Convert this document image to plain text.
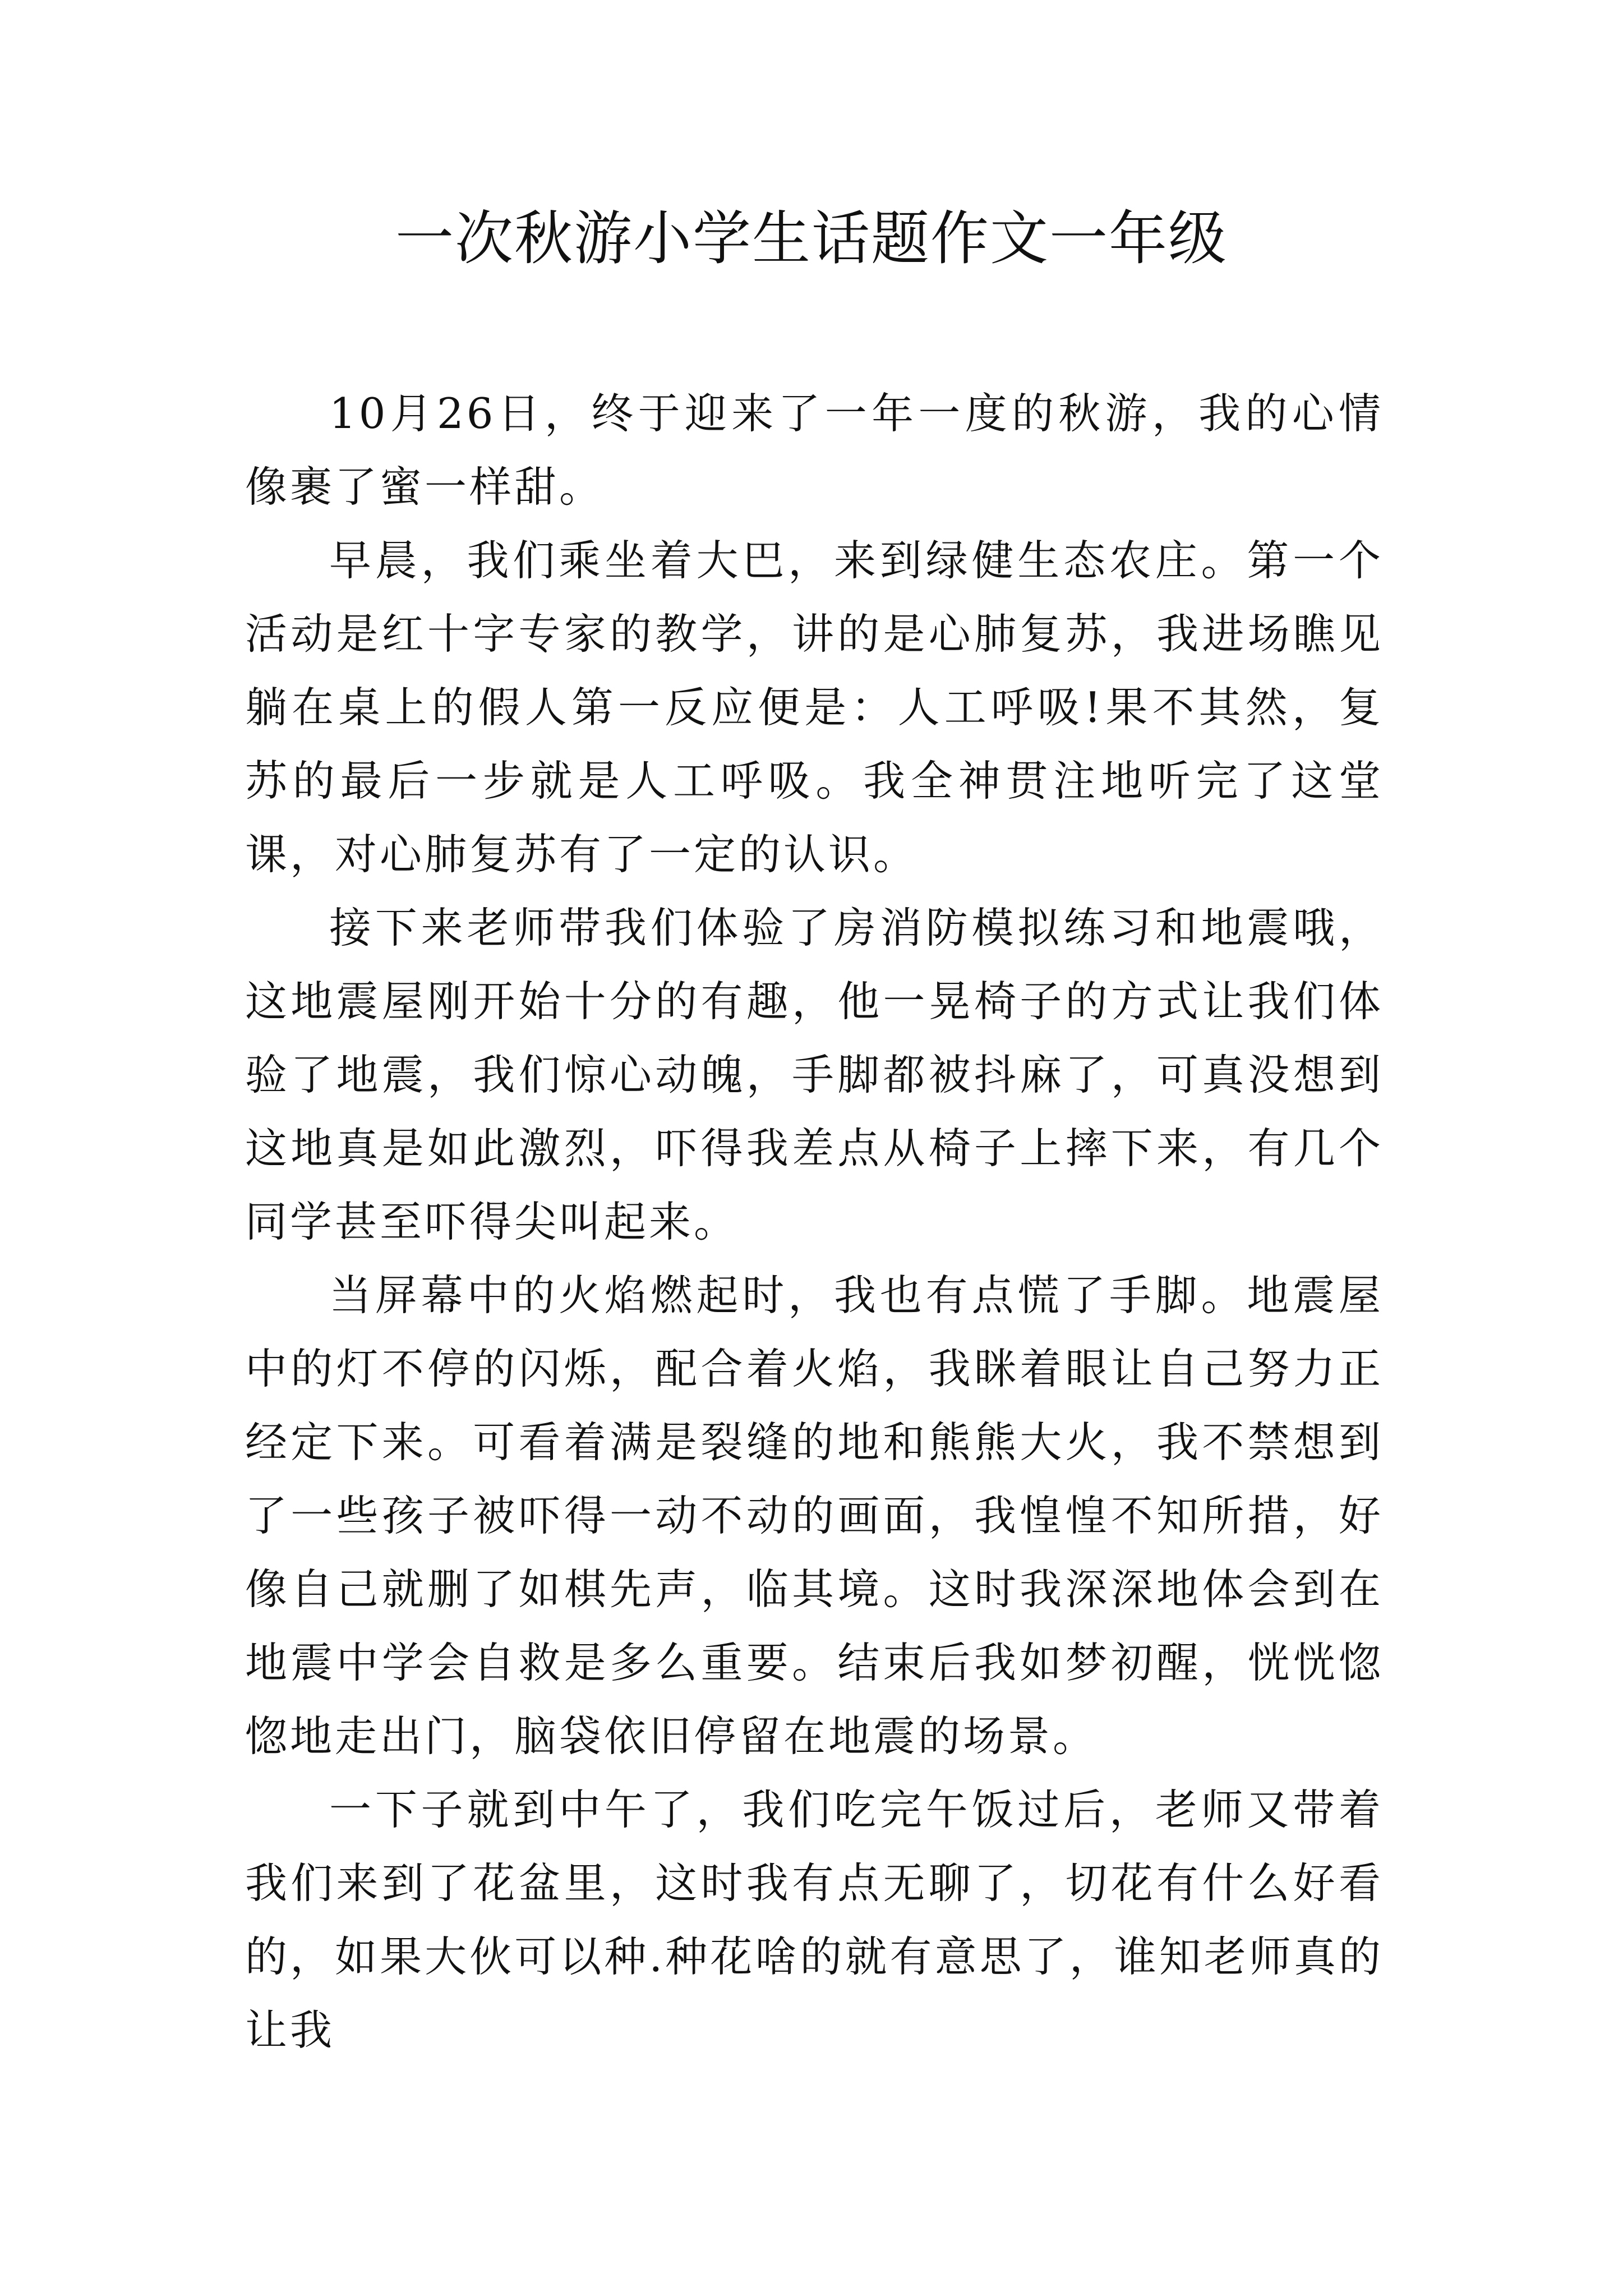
一次秋游小学生话题作文一年级

10月26日，终于迎来了一年一度的秋游，我的心情像裹了蜜一样甜。

早晨，我们乘坐着大巴，来到绿健生态农庄。第一个活动是红十字专家的教学，讲的是心肺复苏，我进场瞧见躺在桌上的假人第一反应便是：人工呼吸!果不其然，复苏的最后一步就是人工呼吸。我全神贯注地听完了这堂课，对心肺复苏有了一定的认识。

接下来老师带我们体验了房消防模拟练习和地震哦，这地震屋刚开始十分的有趣，他一晃椅子的方式让我们体验了地震，我们惊心动魄，手脚都被抖麻了，可真没想到这地真是如此激烈，吓得我差点从椅子上摔下来，有几个同学甚至吓得尖叫起来。

当屏幕中的火焰燃起时，我也有点慌了手脚。地震屋中的灯不停的闪烁，配合着火焰，我眯着眼让自己努力正经定下来。可看着满是裂缝的地和熊熊大火，我不禁想到了一些孩子被吓得一动不动的画面，我惶惶不知所措，好像自己就删了如棋先声，临其境。这时我深深地体会到在地震中学会自救是多么重要。结束后我如梦初醒，恍恍惚惚地走出门，脑袋依旧停留在地震的场景。

一下子就到中午了，我们吃完午饭过后，老师又带着我们来到了花盆里，这时我有点无聊了，切花有什么好看的，如果大伙可以种.种花啥的就有意思了，谁知老师真的让我
